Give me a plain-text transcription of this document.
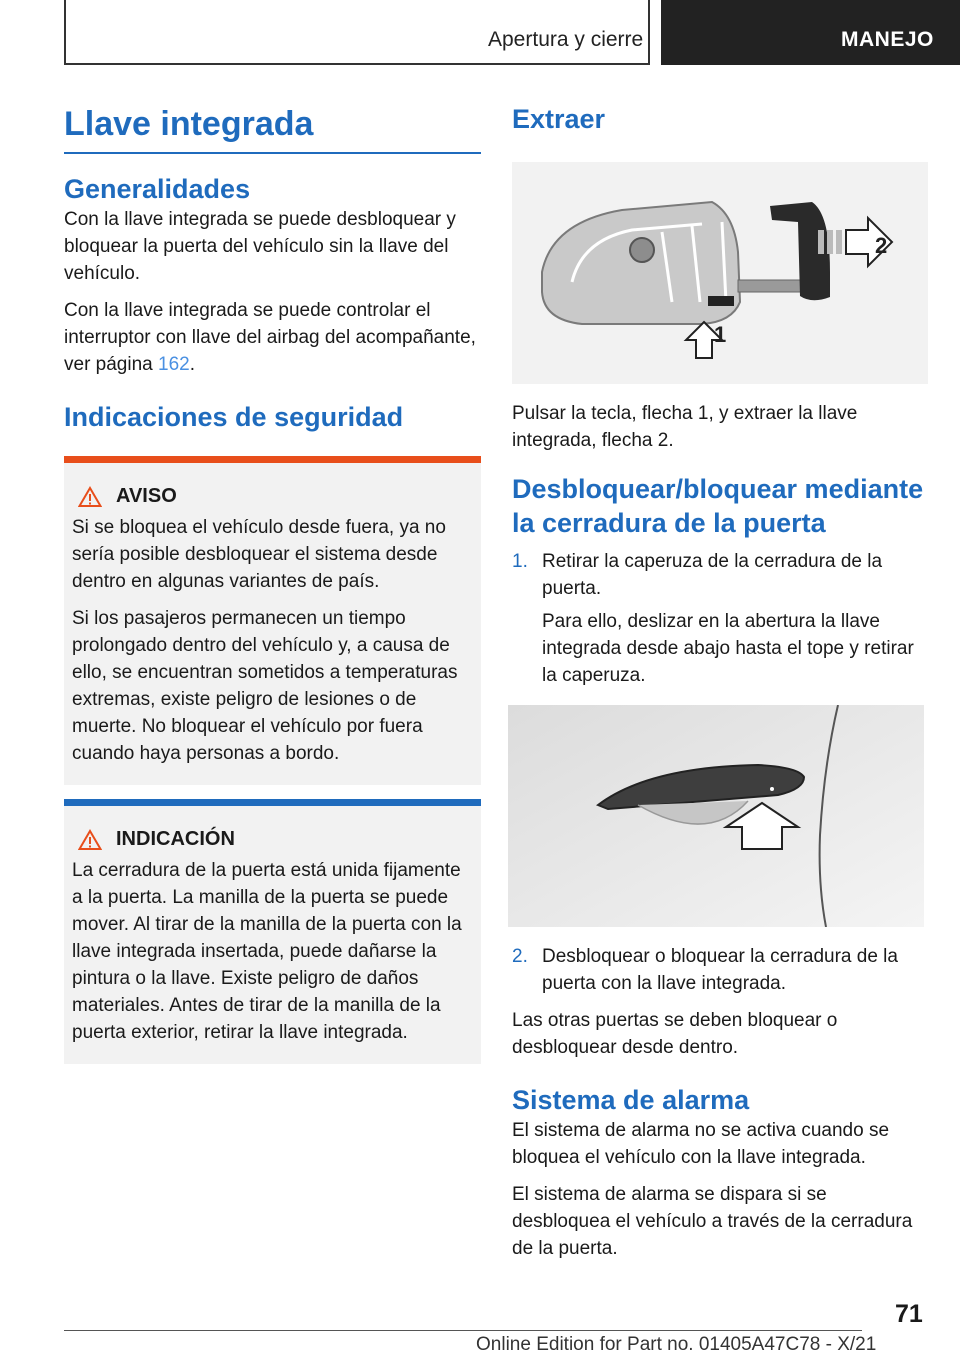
Apertura y cierre	MANEJO
Llave integrada
Generalidades

Con la llave integrada se puede desbloquear y bloquear la puerta del vehículo sin la llave del vehículo.

Con la llave integrada se puede controlar el interruptor con llave del airbag del acompañante, ver página 162.

Indicaciones de seguridad
AVISO

Si se bloquea el vehículo desde fuera, ya no sería posible desbloquear el sistema desde dentro en algunas variantes de país.

Si los pasajeros permanecen un tiempo prolongado dentro del vehículo y, a causa de ello, se encuentran sometidos a temperaturas extremas, existe peligro de lesiones o de muerte. No bloquear el vehículo por fuera cuando haya personas a bordo.

INDICACIÓN

La cerradura de la puerta está unida fijamente a la puerta. La manilla de la puerta se puede mover. Al tirar de la manilla de la puerta con la llave integrada insertada, puede dañarse la pintura o la llave. Existe peligro de daños materiales. Antes de tirar de la manilla de la puerta exterior, retirar la llave integrada.

Extraer
2
1

Pulsar la tecla, flecha 1, y extraer la llave integrada, flecha 2.

Desbloquear/bloquear mediante la cerradura de la puerta
1. Retirar la caperuza de la cerradura de la puerta.

Para ello, deslizar en la abertura la llave integrada desde abajo hasta el tope y retirar la caperuza.

2. Desbloquear o bloquear la cerradura de la puerta con la llave integrada.

Las otras puertas se deben bloquear o desbloquear desde dentro.

Sistema de alarma

El sistema de alarma no se activa cuando se bloquea el vehículo con la llave integrada.

El sistema de alarma se dispara si se desbloquea el vehículo a través de la cerradura de la puerta.

71
Online Edition for Part no. 01405A47C78 - X/21
